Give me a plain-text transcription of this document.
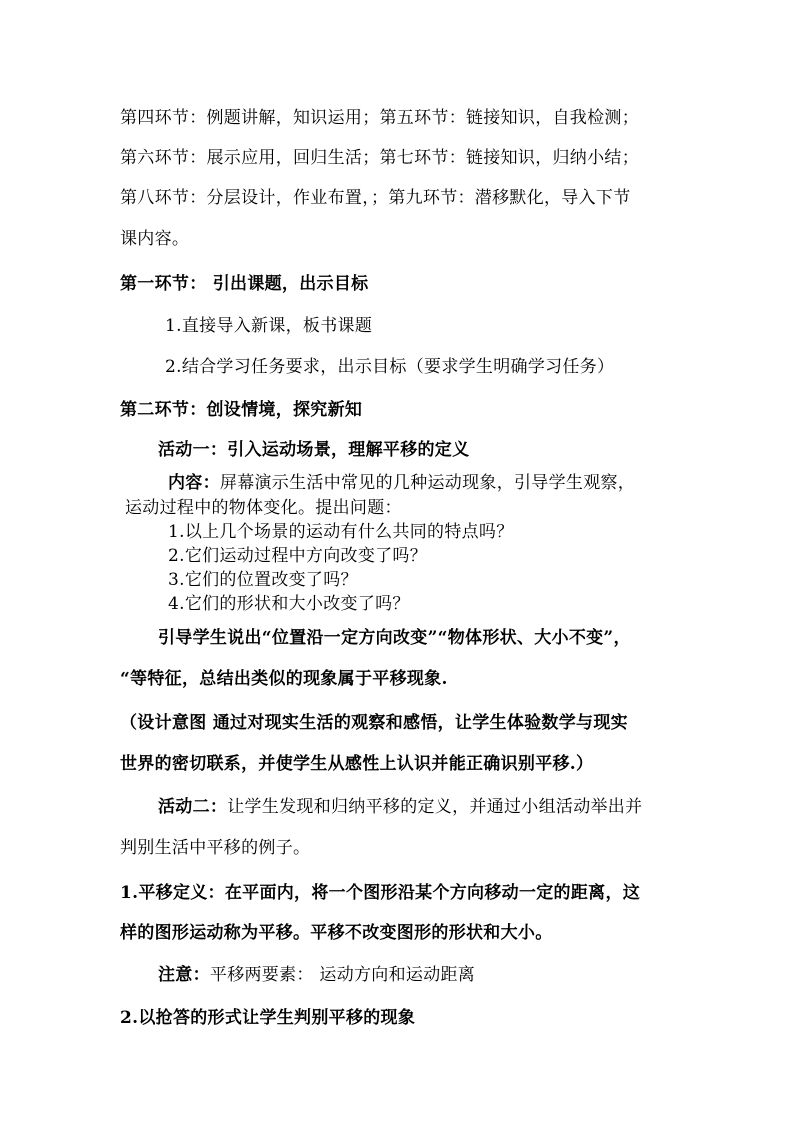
第四环节：例题讲解，知识运用；第五环节：链接知识，自我检测；
第六环节：展示应用，回归生活；第七环节：链接知识，归纳小结；
第八环节：分层设计，作业布置，；第九环节：潜移默化，导入下节
课内容。
第一环节： 引出课题，出示目标
1.直接导入新课，板书课题
2.结合学习任务要求，出示目标（要求学生明确学习任务）
第二环节：创设情境，探究新知
活动一：引入运动场景，理解平移的定义
内容：屏幕演示生活中常见的几种运动现象，引导学生观察，
运动过程中的物体变化。提出问题：
1.以上几个场景的运动有什么共同的特点吗？
2.它们运动过程中方向改变了吗？
3.它们的位置改变了吗？
4.它们的形状和大小改变了吗？
引导学生说出“位置沿一定方向改变”“物体形状、大小不变”，
“等特征，总结出类似的现象属于平移现象.
（设计意图 通过对现实生活的观察和感悟，让学生体验数学与现实
世界的密切联系，并使学生从感性上认识并能正确识别平移.）
活动二：让学生发现和归纳平移的定义，并通过小组活动举出并
判别生活中平移的例子。
1.平移定义：在平面内，将一个图形沿某个方向移动一定的距离，这
样的图形运动称为平移。平移不改变图形的形状和大小。
注意：平移两要素： 运动方向和运动距离
2.以抢答的形式让学生判别平移的现象
